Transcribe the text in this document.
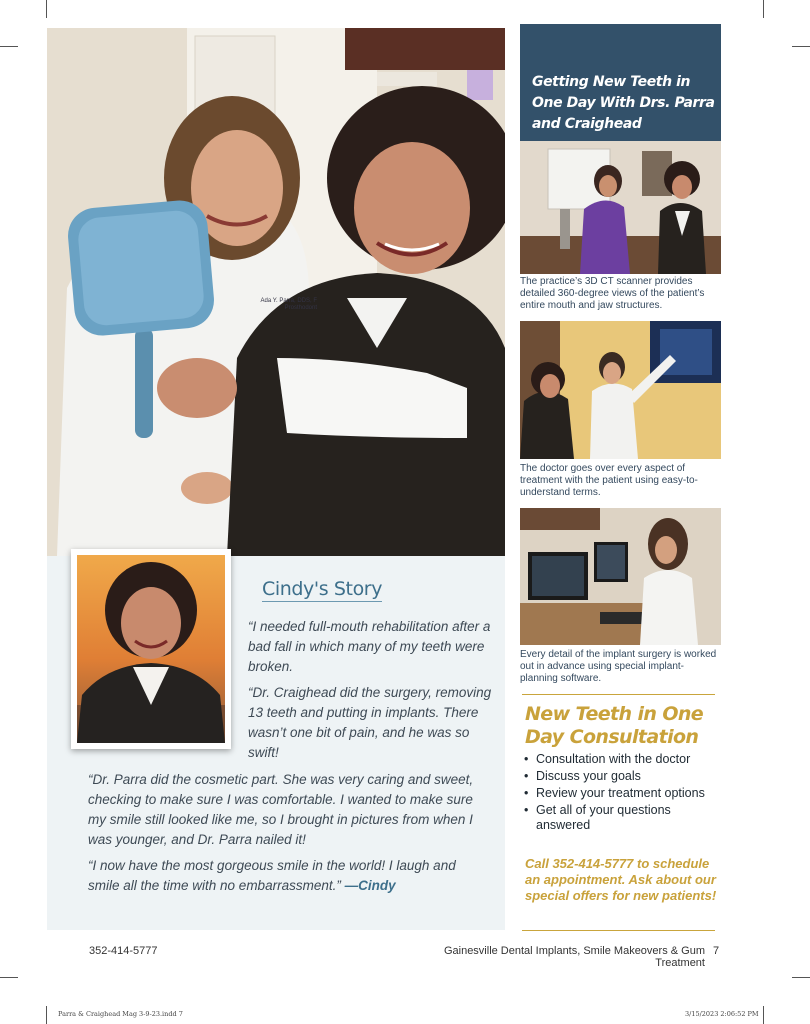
Ada Y. Parra, DDS, F
Prosthodont
Cindy's Story
“I needed full-mouth rehabilitation after a bad fall in which many of my teeth were broken.
“Dr. Craighead did the surgery, removing 13 teeth and putting in implants. There wasn’t one bit of pain, and he was so swift!
“Dr. Parra did the cosmetic part. She was very caring and sweet, checking to make sure I was comfortable. I wanted to make sure my smile still looked like me, so I brought in pictures from when I was younger, and Dr. Parra nailed it!
“I now have the most gorgeous smile in the world! I laugh and smile all the time with no embarrassment.” —Cindy
Getting New Teeth in One Day With Drs. Parra and Craighead
The practice’s 3D CT scanner provides detailed 360-degree views of the patient’s entire mouth and jaw structures.
The doctor goes over every aspect of treatment with the patient using easy-to-understand terms.
Every detail of the implant surgery is worked out in advance using special implant-planning software.
New Teeth in One Day Consultation
• Consultation with the doctor
• Discuss your goals
• Review your treatment options
• Get all of your questions answered
Call 352-414-5777 to schedule an appointment. Ask about our special offers for new patients!
352-414-5777	Gainesville Dental Implants, Smile Makeovers & Gum Treatment
7
Parra & Craighead Mag 3-9-23.indd 7	3/15/2023 2:06:52 PM
